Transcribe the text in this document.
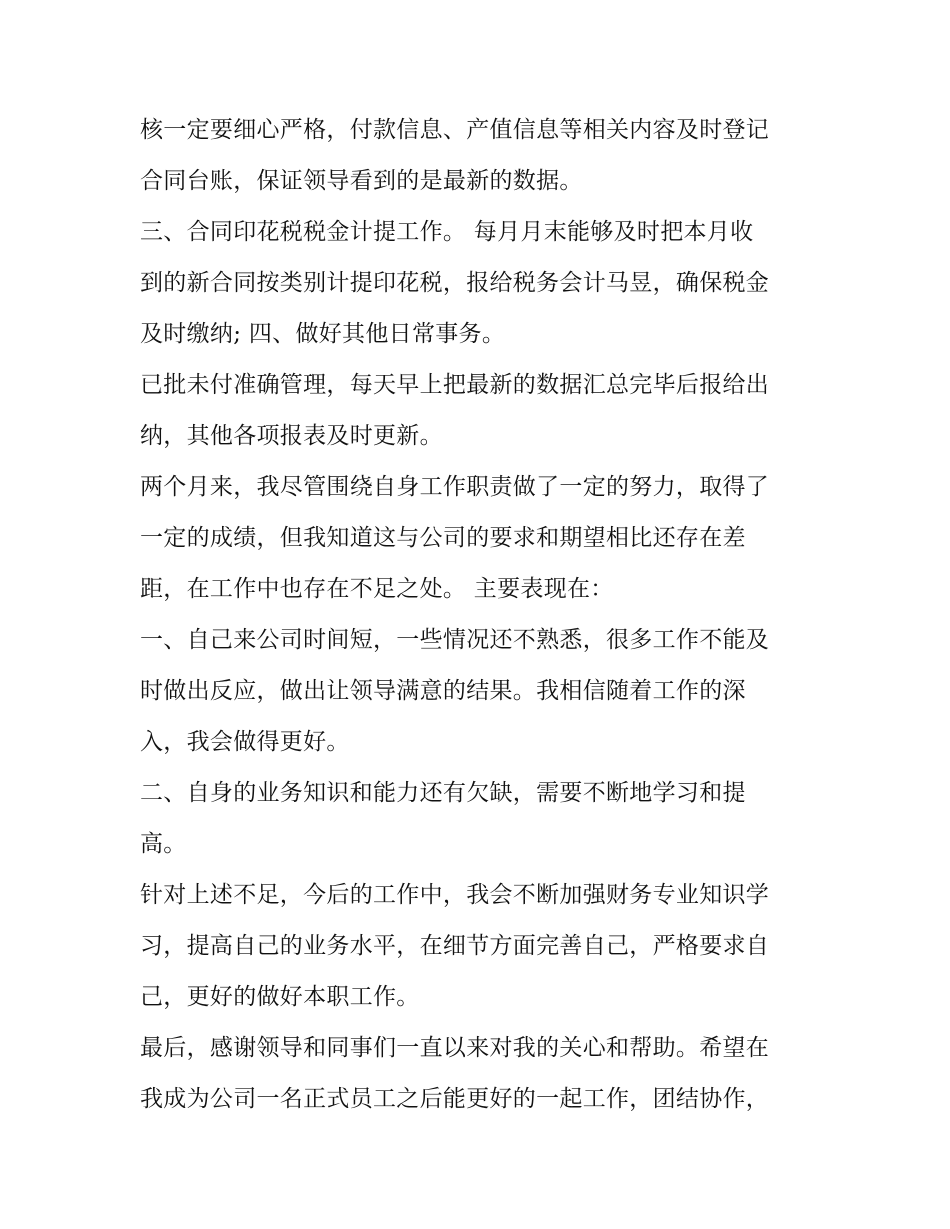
核一定要细心严格，付款信息、产值信息等相关内容及时登记
合同台账，保证领导看到的是最新的数据。
三、合同印花税税金计提工作。 每月月末能够及时把本月收
到的新合同按类别计提印花税，报给税务会计马昱，确保税金
及时缴纳; 四、做好其他日常事务。
已批未付准确管理，每天早上把最新的数据汇总完毕后报给出
纳，其他各项报表及时更新。
两个月来，我尽管围绕自身工作职责做了一定的努力，取得了
一定的成绩，但我知道这与公司的要求和期望相比还存在差
距，在工作中也存在不足之处。 主要表现在：
一、自己来公司时间短，一些情况还不熟悉，很多工作不能及
时做出反应，做出让领导满意的结果。我相信随着工作的深
入，我会做得更好。
二、自身的业务知识和能力还有欠缺，需要不断地学习和提
高。
针对上述不足，今后的工作中，我会不断加强财务专业知识学
习，提高自己的业务水平，在细节方面完善自己，严格要求自
己，更好的做好本职工作。
最后，感谢领导和同事们一直以来对我的关心和帮助。希望在
我成为公司一名正式员工之后能更好的一起工作，团结协作，
